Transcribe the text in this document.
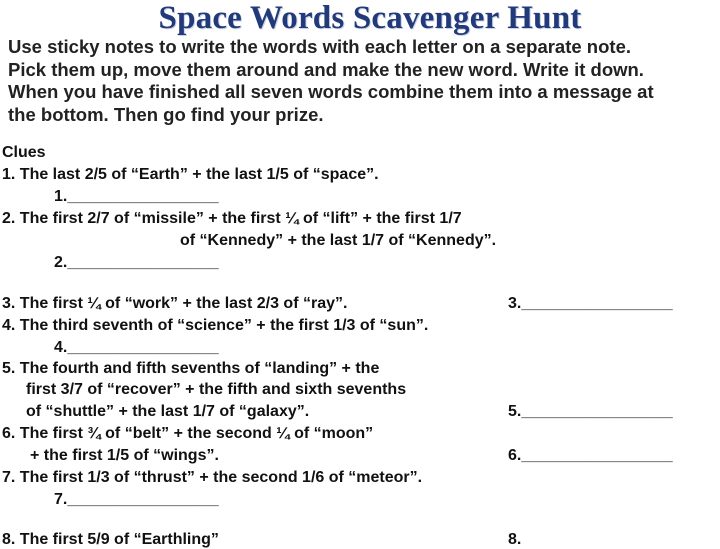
Space Words Scavenger Hunt
Use sticky notes to write the words with each letter on a separate note.
Pick them up, move them around and make the new word. Write it down.
When you have finished all seven words combine them into a message at
the bottom. Then go find your prize.
Clues
1. The last 2/5 of “Earth” + the last 1/5 of “space”.
1._________________
2. The first 2/7 of “missile” + the first ¼ of “lift” + the first 1/7
of “Kennedy” + the last 1/7 of “Kennedy”.
2._________________
3. The first ¼ of “work” + the last 2/3 of “ray”.	3._________________
4. The third seventh of “science” + the first 1/3 of “sun”.
4._________________
5. The fourth and fifth sevenths of “landing” + the
first 3/7 of “recover” + the fifth and sixth sevenths
of “shuttle” + the last 1/7 of “galaxy”.	5._________________
6. The first ¾ of “belt” + the second ¼ of “moon”
+ the first 1/5 of “wings”.	6._________________
7. The first 1/3 of “thrust” + the second 1/6 of “meteor”.
7._________________
8. The first 5/9 of “Earthling”	8.
